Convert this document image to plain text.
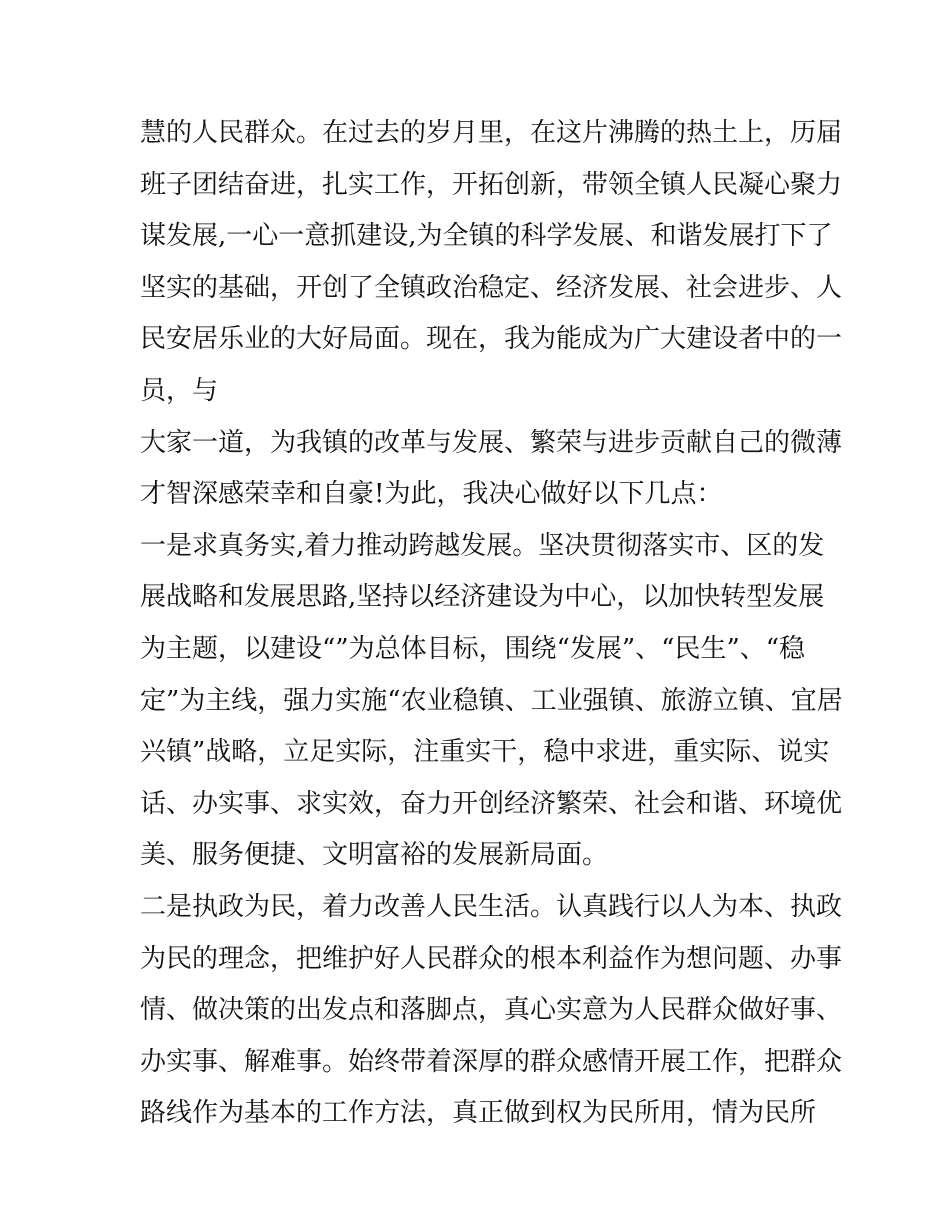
慧的人民群众。在过去的岁月里，在这片沸腾的热土上，历届
班子团结奋进，扎实工作，开拓创新，带领全镇人民凝心聚力
谋发展,一心一意抓建设,为全镇的科学发展、和谐发展打下了
坚实的基础，开创了全镇政治稳定、经济发展、社会进步、人
民安居乐业的大好局面。现在，我为能成为广大建设者中的一
员，与
大家一道，为我镇的改革与发展、繁荣与进步贡献自己的微薄
才智深感荣幸和自豪!为此，我决心做好以下几点：
一是求真务实,着力推动跨越发展。坚决贯彻落实市、区的发
展战略和发展思路,坚持以经济建设为中心，以加快转型发展
为主题，以建设“”为总体目标，围绕“发展”、“民生”、“稳
定”为主线，强力实施“农业稳镇、工业强镇、旅游立镇、宜居
兴镇”战略，立足实际，注重实干，稳中求进，重实际、说实
话、办实事、求实效，奋力开创经济繁荣、社会和谐、环境优
美、服务便捷、文明富裕的发展新局面。
二是执政为民，着力改善人民生活。认真践行以人为本、执政
为民的理念，把维护好人民群众的根本利益作为想问题、办事
情、做决策的出发点和落脚点，真心实意为人民群众做好事、
办实事、解难事。始终带着深厚的群众感情开展工作，把群众
路线作为基本的工作方法，真正做到权为民所用，情为民所
